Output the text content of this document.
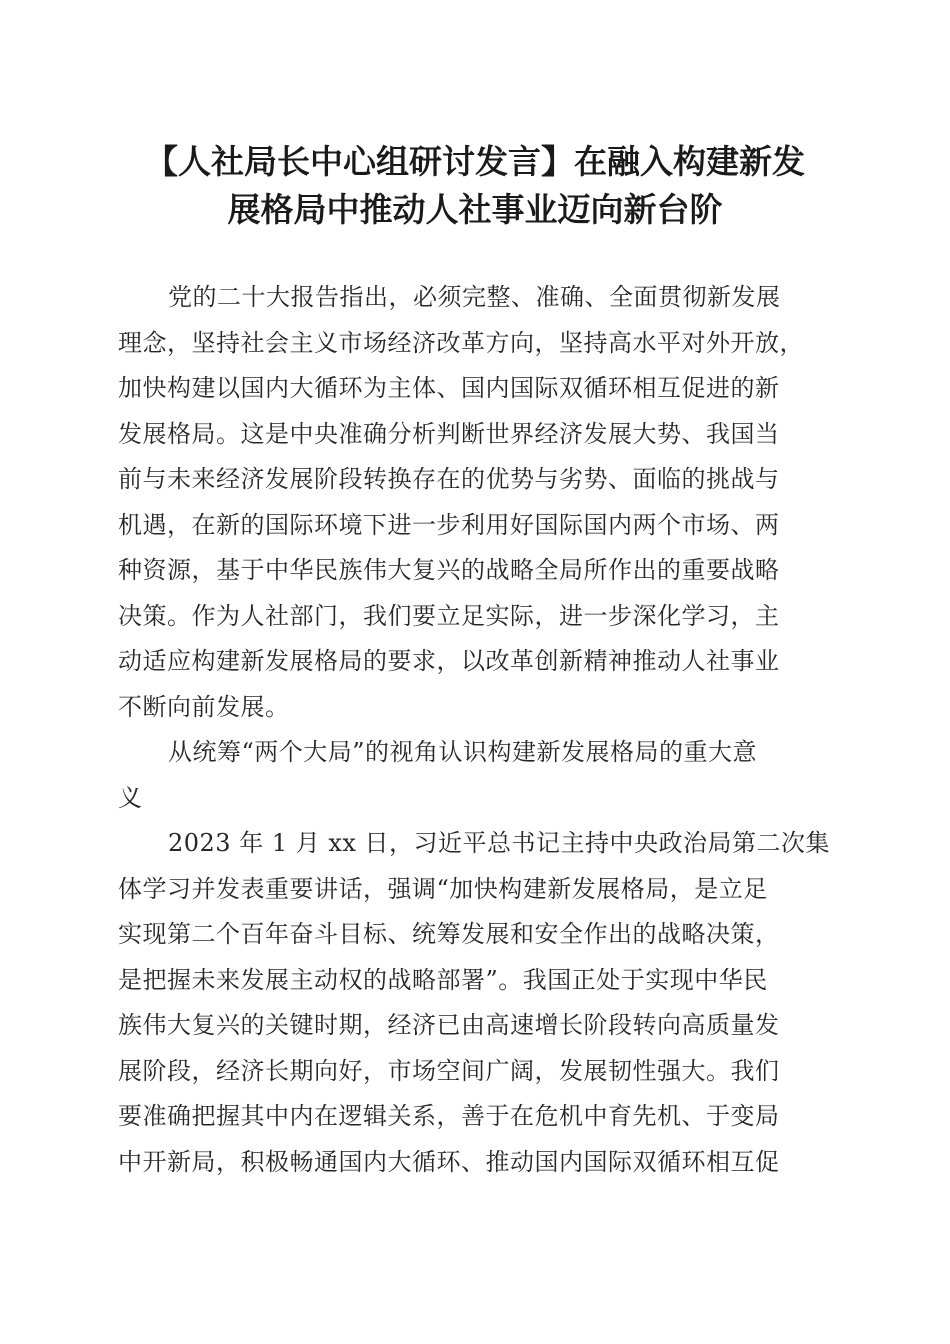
【人社局长中心组研讨发言】在融入构建新发
展格局中推动人社事业迈向新台阶

党的二十大报告指出，必须完整、准确、全面贯彻新发展
理念，坚持社会主义市场经济改革方向，坚持高水平对外开放，
加快构建以国内大循环为主体、国内国际双循环相互促进的新
发展格局。这是中央准确分析判断世界经济发展大势、我国当
前与未来经济发展阶段转换存在的优势与劣势、面临的挑战与
机遇，在新的国际环境下进一步利用好国际国内两个市场、两
种资源，基于中华民族伟大复兴的战略全局所作出的重要战略
决策。作为人社部门，我们要立足实际，进一步深化学习，主
动适应构建新发展格局的要求，以改革创新精神推动人社事业
不断向前发展。

从统筹“两个大局”的视角认识构建新发展格局的重大意
义

2023 年 1 月 xx 日，习近平总书记主持中央政治局第二次集
体学习并发表重要讲话，强调“加快构建新发展格局，是立足
实现第二个百年奋斗目标、统筹发展和安全作出的战略决策，
是把握未来发展主动权的战略部署”。我国正处于实现中华民
族伟大复兴的关键时期，经济已由高速增长阶段转向高质量发
展阶段，经济长期向好，市场空间广阔，发展韧性强大。我们
要准确把握其中内在逻辑关系，善于在危机中育先机、于变局
中开新局，积极畅通国内大循环、推动国内国际双循环相互促
